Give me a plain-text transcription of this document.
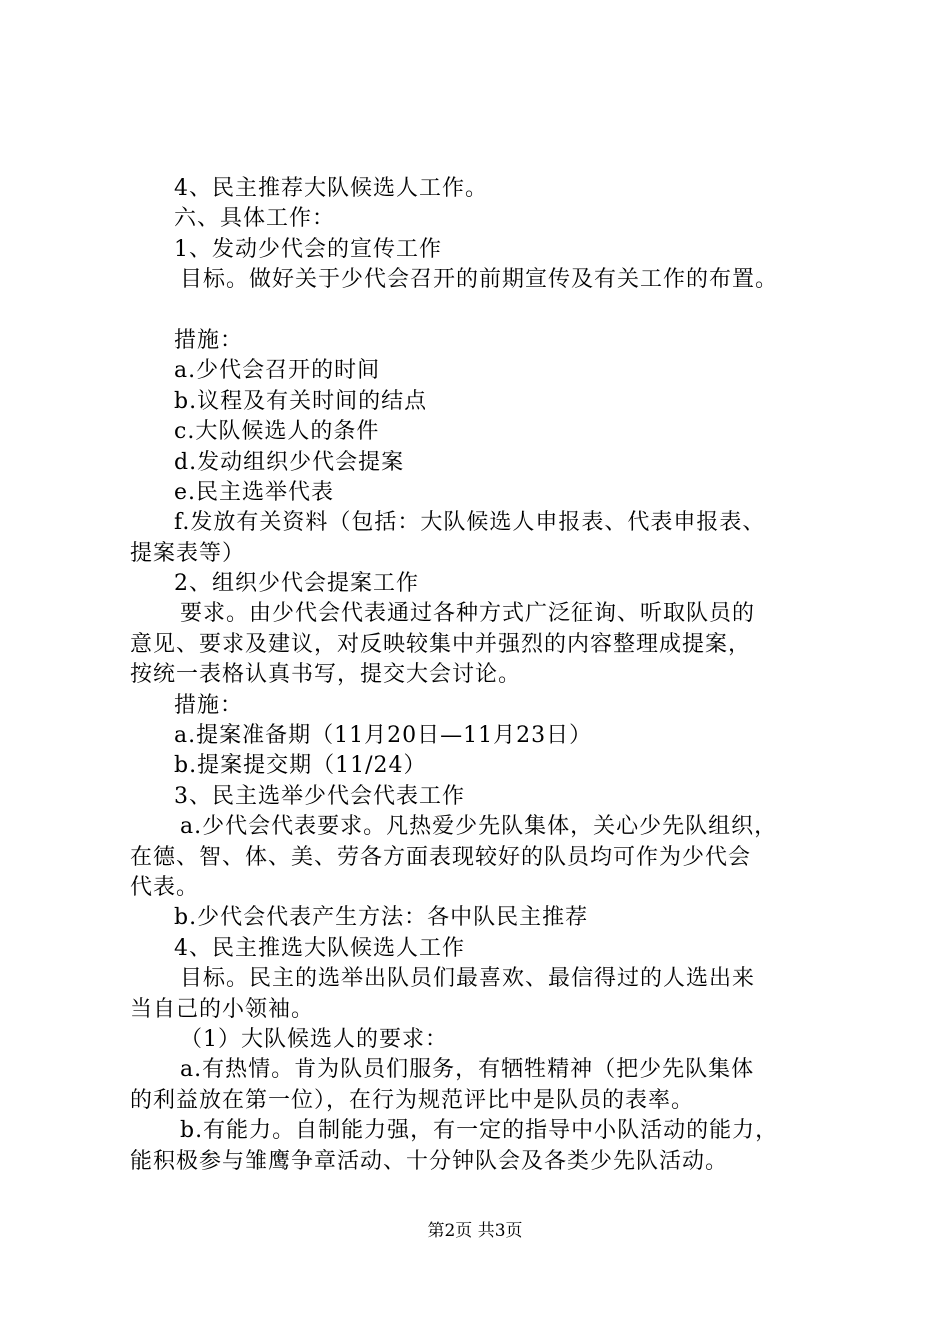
4、民主推荐大队候选人工作。
六、具体工作：
1、发动少代会的宣传工作
目标。做好关于少代会召开的前期宣传及有关工作的布置。
措施：
a.少代会召开的时间
b.议程及有关时间的结点
c.大队候选人的条件
d.发动组织少代会提案
e.民主选举代表
f.发放有关资料（包括：大队候选人申报表、代表申报表、
提案表等）
2、组织少代会提案工作
要求。由少代会代表通过各种方式广泛征询、听取队员的
意见、要求及建议，对反映较集中并强烈的内容整理成提案，
按统一表格认真书写，提交大会讨论。
措施：
a.提案准备期（11月20日—11月23日）
b.提案提交期（11/24）
3、民主选举少代会代表工作
a.少代会代表要求。凡热爱少先队集体，关心少先队组织，
在德、智、体、美、劳各方面表现较好的队员均可作为少代会
代表。
b.少代会代表产生方法：各中队民主推荐
4、民主推选大队候选人工作
目标。民主的选举出队员们最喜欢、最信得过的人选出来
当自己的小领袖。
（1）大队候选人的要求：
a.有热情。肯为队员们服务，有牺牲精神（把少先队集体
的利益放在第一位），在行为规范评比中是队员的表率。
b.有能力。自制能力强，有一定的指导中小队活动的能力，
能积极参与雏鹰争章活动、十分钟队会及各类少先队活动。
第2页 共3页
